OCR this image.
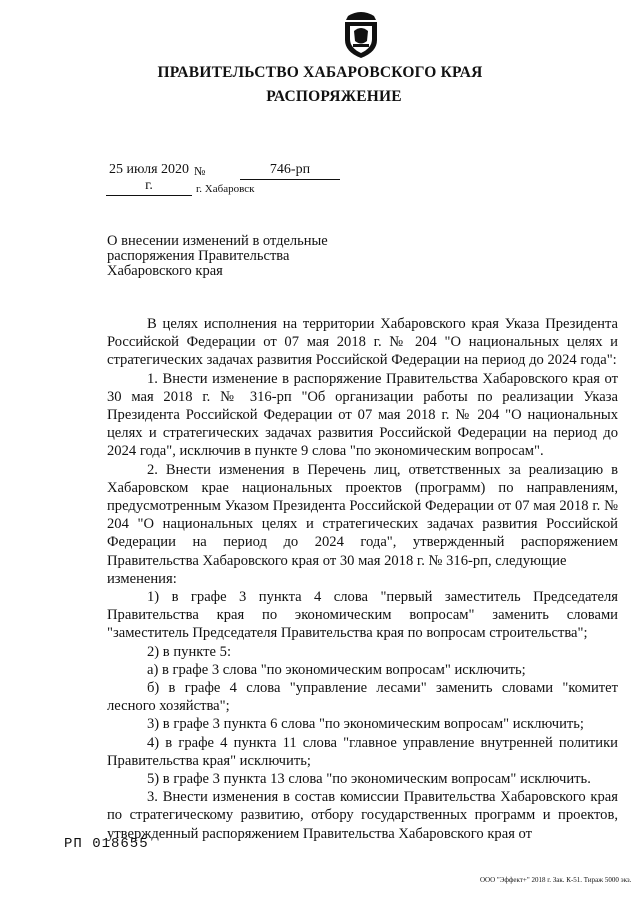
ПРАВИТЕЛЬСТВО ХАБАРОВСКОГО КРАЯ
РАСПОРЯЖЕНИЕ
25 июля 2020 г.
№	746-рп
г. Хабаровск
О внесении изменений в отдельные распоряжения Правительства Хабаровского края

В целях исполнения на территории Хабаровского края Указа Президента Российской Федерации от 07 мая 2018 г. № 204 "О национальных целях и стратегических задачах развития Российской Федерации на период до 2024 года":

1. Внести изменение в распоряжение Правительства Хабаровского края от 30 мая 2018 г. № 316-рп "Об организации работы по реализации Указа Президента Российской Федерации от 07 мая 2018 г. № 204 "О национальных целях и стратегических задачах развития Российской Федерации на период до 2024 года", исключив в пункте 9 слова "по экономическим вопросам".

2. Внести изменения в Перечень лиц, ответственных за реализацию в Хабаровском крае национальных проектов (программ) по направлениям, предусмотренным Указом Президента Российской Федерации от 07 мая 2018 г. № 204 "О национальных целях и стратегических задачах развития Российской Федерации на период до 2024 года", утвержденный распоряжением Правительства Хабаровского края от 30 мая 2018 г. № 316-рп, следующие

изменения:

1) в графе 3 пункта 4 слова "первый заместитель Председателя Правительства края по экономическим вопросам" заменить словами "заместитель Председателя Правительства края по вопросам строительства";

2) в пункте 5:

а) в графе 3 слова "по экономическим вопросам" исключить;

б) в графе 4 слова "управление лесами" заменить словами "комитет лесного хозяйства";

3) в графе 3 пункта 6 слова "по экономическим вопросам" исключить;

4) в графе 4 пункта 11 слова "главное управление внутренней политики Правительства края" исключить;

5) в графе 3 пункта 13 слова "по экономическим вопросам" исключить.

3. Внести изменения в состав комиссии Правительства Хабаровского края по стратегическому развитию, отбору государственных программ и проектов, утвержденный распоряжением Правительства Хабаровского края от

РП 018655
ООО "Эффект+" 2018 г. Зак. К-51. Тираж 5000 экз.
